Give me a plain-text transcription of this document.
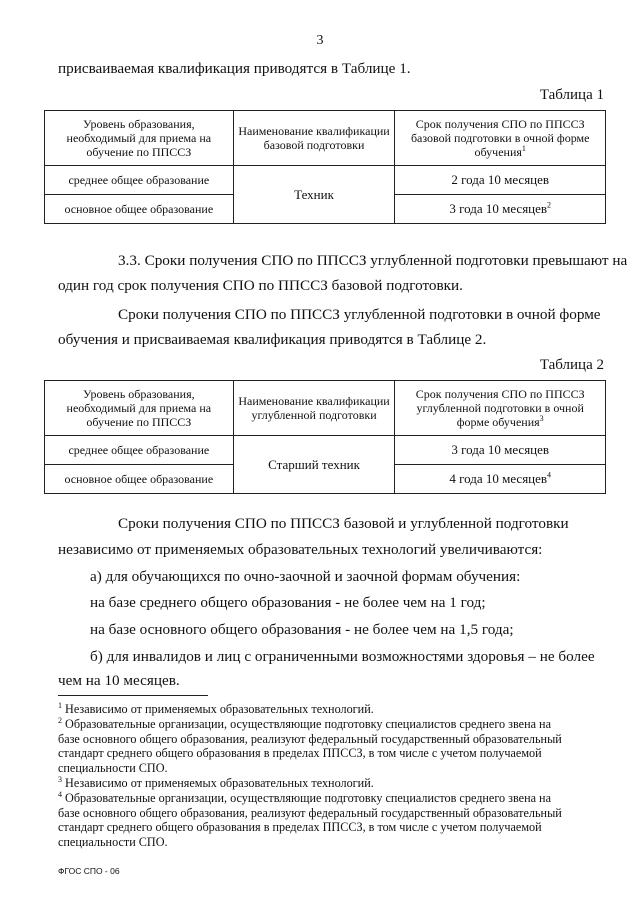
3
присваиваемая квалификация приводятся в Таблице 1.
Таблица 1
Уровень образования, необходимый для приема на обучение по ППССЗ	Наименование квалификации базовой подготовки	Срок получения СПО по ППССЗ базовой подготовки в очной форме обучения$^1$
среднее общее образование	Техник	2 года 10 месяцев
основное общее образование		3 года 10 месяцев$^2$
3.3. Сроки получения СПО по ППССЗ углубленной подготовки превышают на
один год срок получения СПО по ППССЗ базовой подготовки.
Сроки получения СПО по ППССЗ углубленной подготовки в очной форме
обучения и присваиваемая квалификация приводятся в Таблице 2.
Таблица 2
Уровень образования, необходимый для приема на обучение по ППССЗ	Наименование квалификации углубленной подготовки	Срок получения СПО по ППССЗ углубленной подготовки в очной форме обучения$^3$
среднее общее образование	Старший техник	3 года 10 месяцев
основное общее образование		4 года 10 месяцев$^4$
Сроки получения СПО по ППССЗ базовой и углубленной подготовки
независимо от применяемых образовательных технологий увеличиваются:
а) для обучающихся по очно-заочной и заочной формам обучения:
на базе среднего общего образования - не более чем на 1 год;
на базе основного общего образования - не более чем на 1,5 года;
б) для инвалидов и лиц с ограниченными возможностями здоровья – не более
чем на 10 месяцев.
$^1$ Независимо от применяемых образовательных технологий.
$^2$ Образовательные организации, осуществляющие подготовку специалистов среднего звена на
базе основного общего образования, реализуют федеральный государственный образовательный
стандарт среднего общего образования в пределах ППССЗ, в том числе с учетом получаемой
специальности СПО.
$^3$ Независимо от применяемых образовательных технологий.
$^4$ Образовательные организации, осуществляющие подготовку специалистов среднего звена на
базе основного общего образования, реализуют федеральный государственный образовательный
стандарт среднего общего образования в пределах ППССЗ, в том числе с учетом получаемой
специальности СПО.
ФГОС СПО - 06
